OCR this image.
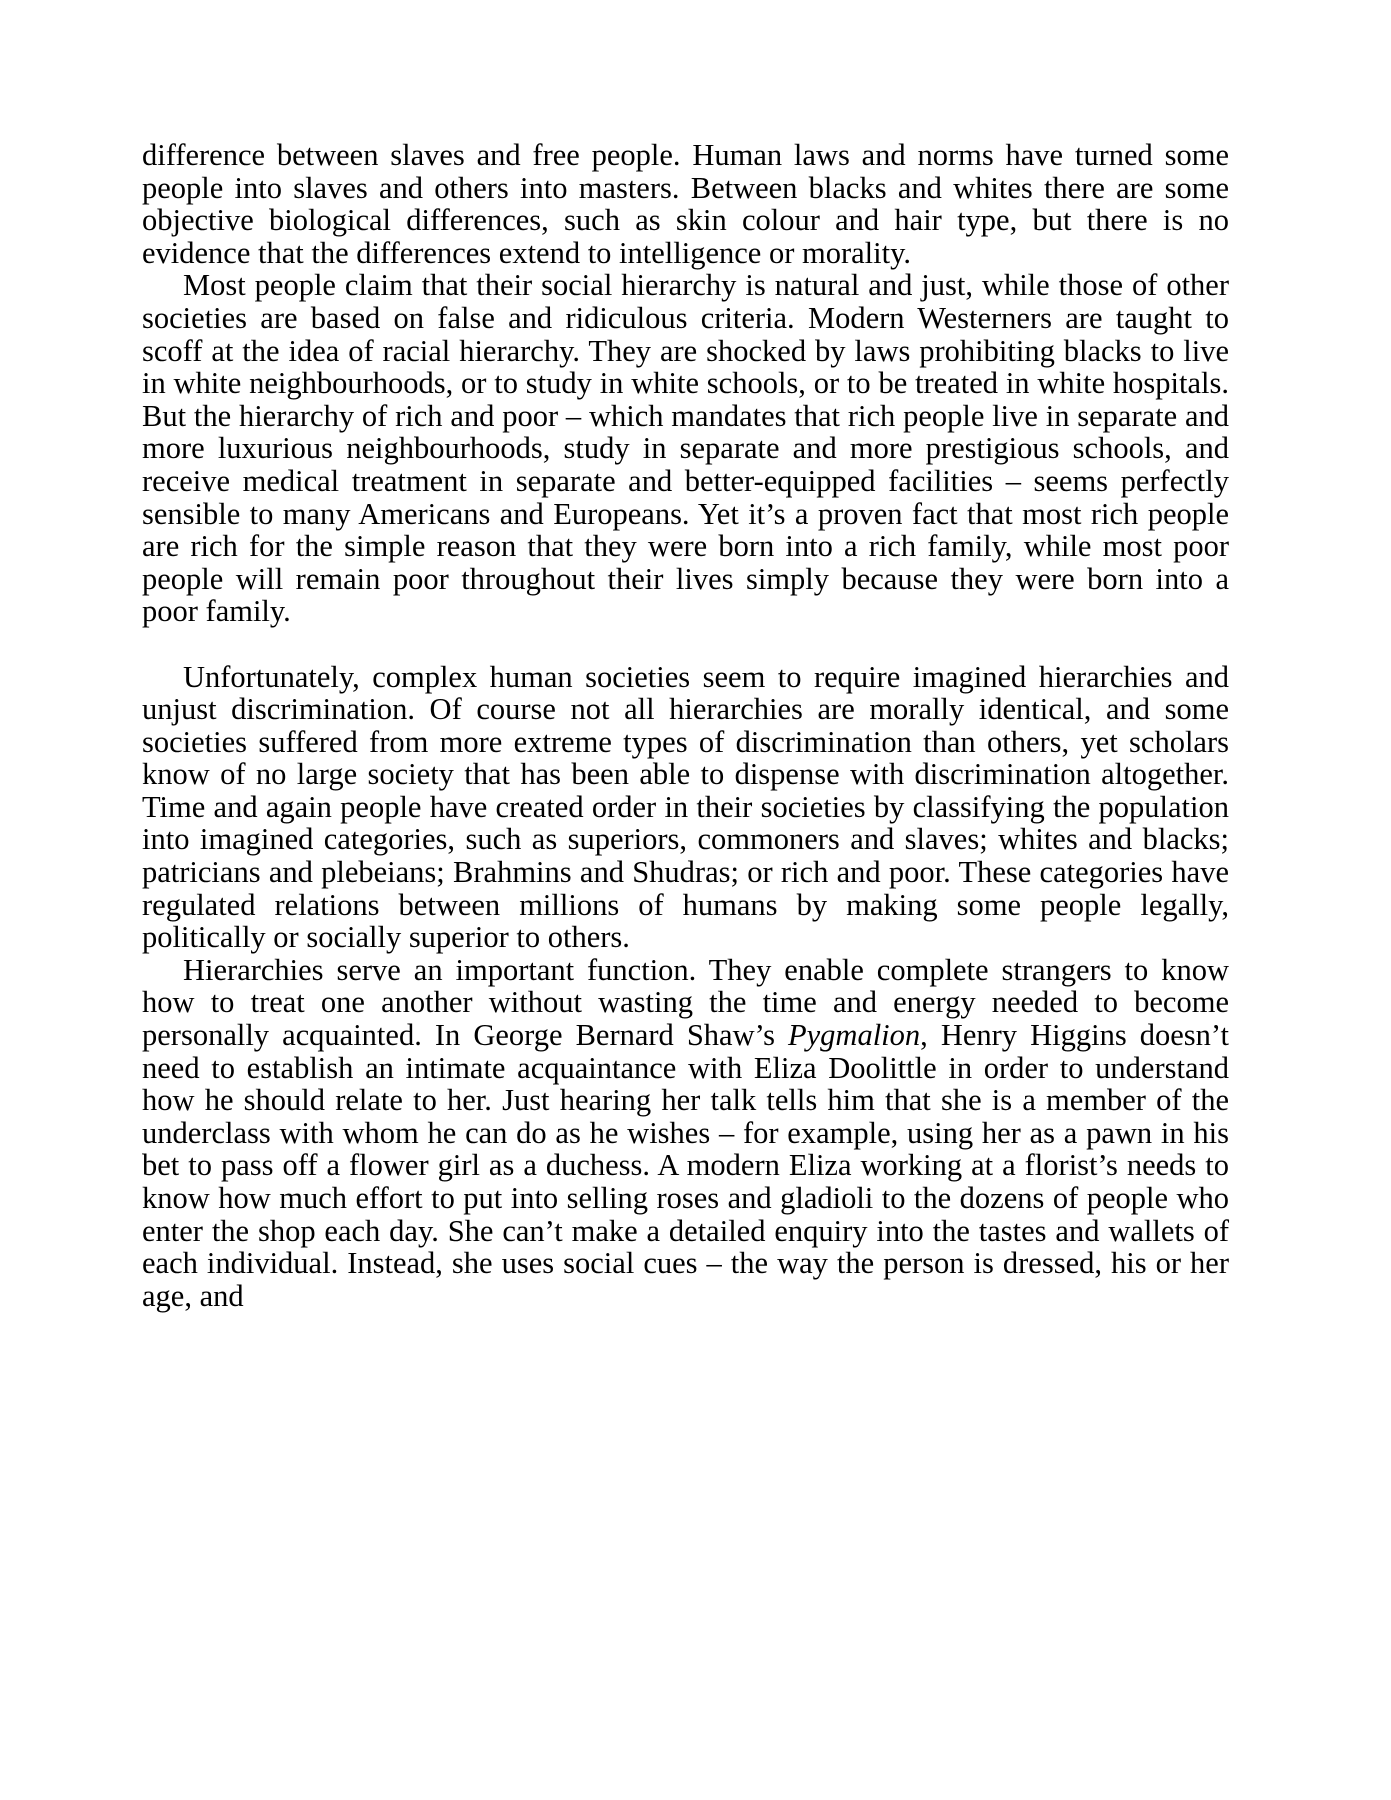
difference between slaves and free people. Human laws and norms have turned some people into slaves and others into masters. Between blacks and whites there are some objective biological differences, such as skin colour and hair type, but there is no evidence that the differences extend to intelligence or morality.

Most people claim that their social hierarchy is natural and just, while those of other societies are based on false and ridiculous criteria. Modern Westerners are taught to scoff at the idea of racial hierarchy. They are shocked by laws prohibiting blacks to live in white neighbourhoods, or to study in white schools, or to be treated in white hospitals. But the hierarchy of rich and poor – which mandates that rich people live in separate and more luxurious neighbourhoods, study in separate and more prestigious schools, and receive medical treatment in separate and better-equipped facilities – seems perfectly sensible to many Americans and Europeans. Yet it’s a proven fact that most rich people are rich for the simple reason that they were born into a rich family, while most poor people will remain poor throughout their lives simply because they were born into a poor family.

Unfortunately, complex human societies seem to require imagined hierarchies and unjust discrimination. Of course not all hierarchies are morally identical, and some societies suffered from more extreme types of discrimination than others, yet scholars know of no large society that has been able to dispense with discrimination altogether. Time and again people have created order in their societies by classifying the population into imagined categories, such as superiors, commoners and slaves; whites and blacks; patricians and plebeians; Brahmins and Shudras; or rich and poor. These categories have regulated relations between millions of humans by making some people legally, politically or socially superior to others.

Hierarchies serve an important function. They enable complete strangers to know how to treat one another without wasting the time and energy needed to become personally acquainted. In George Bernard Shaw’s Pygmalion, Henry Higgins doesn’t need to establish an intimate acquaintance with Eliza Doolittle in order to understand how he should relate to her. Just hearing her talk tells him that she is a member of the underclass with whom he can do as he wishes – for example, using her as a pawn in his bet to pass off a flower girl as a duchess. A modern Eliza working at a florist’s needs to know how much effort to put into selling roses and gladioli to the dozens of people who enter the shop each day. She can’t make a detailed enquiry into the tastes and wallets of each individual. Instead, she uses social cues – the way the person is dressed, his or her age, and
